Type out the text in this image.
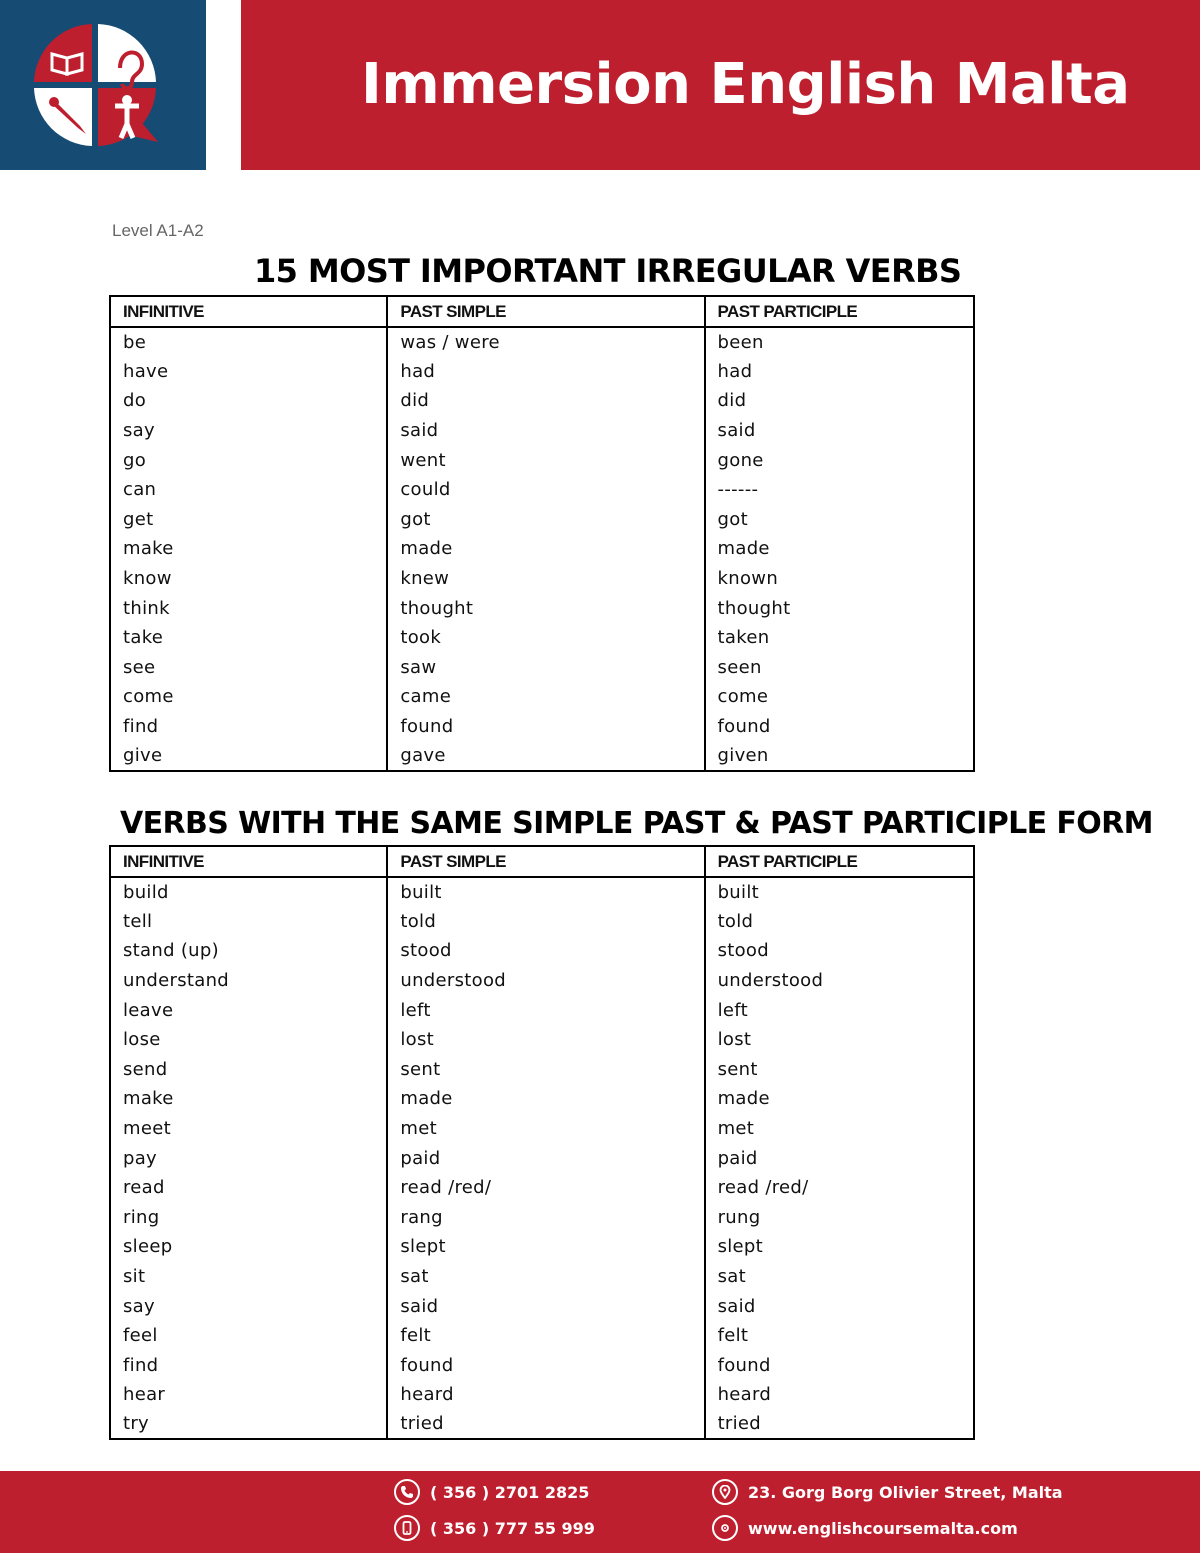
Immersion English Malta
Level A1-A2
15 MOST IMPORTANT IRREGULAR VERBS
INFINITIVE	PAST SIMPLE	PAST PARTICIPLE
be	was / were	been
have	had	had
do	did	did
say	said	said
go	went	gone
can	could	------
get	got	got
make	made	made
know	knew	known
think	thought	thought
take	took	taken
see	saw	seen
come	came	come
find	found	found
give	gave	given
VERBS WITH THE SAME SIMPLE PAST & PAST PARTICIPLE FORM
INFINITIVE	PAST SIMPLE	PAST PARTICIPLE
build	built	built
tell	told	told
stand (up)	stood	stood
understand	understood	understood
leave	left	left
lose	lost	lost
send	sent	sent
make	made	made
meet	met	met
pay	paid	paid
read	read /red/	read /red/
ring	rang	rung
sleep	slept	slept
sit	sat	sat
say	said	said
feel	felt	felt
find	found	found
hear	heard	heard
try	tried	tried
( 356 ) 2701 2825
( 356 ) 777 55 999
23. Gorg Borg Olivier Street, Malta
www.englishcoursemalta.com
